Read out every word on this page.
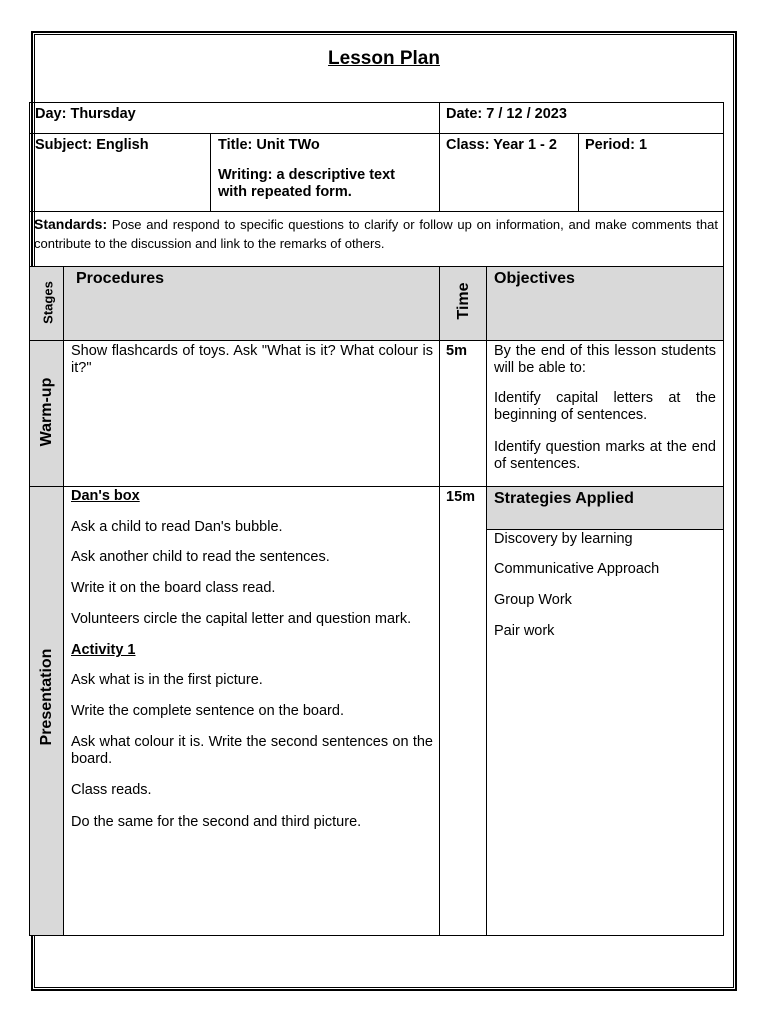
Lesson Plan
Day: Thursday	Date: 7 / 12 / 2023
Subject: English	Title: Unit TWo
Writing: a descriptive text with repeated form.
Class: Year 1 - 2 Period: 1
Standards: Pose and respond to specific questions to clarify or follow up on information, and make comments that contribute to the discussion and link to the remarks of others.
Stages
Procedures
Time
Objectives
Warm-up
Show flashcards of toys. Ask "What is it? What colour is it?"
5m By the end of this lesson students will be able to:
Identify capital letters at the beginning of sentences.
Identify question marks at the end of sentences.
Presentation
Dan's box
Ask a child to read Dan's bubble.
Ask another child to read the sentences.
Write it on the board class read.
Volunteers circle the capital letter and question mark.
Activity 1
Ask what is in the first picture.
Write the complete sentence on the board.
Ask what colour it is. Write the second sentences on the board.
Class reads.
Do the same for the second and third picture.
15m Strategies Applied
Discovery by learning
Communicative Approach
Group Work
Pair work
